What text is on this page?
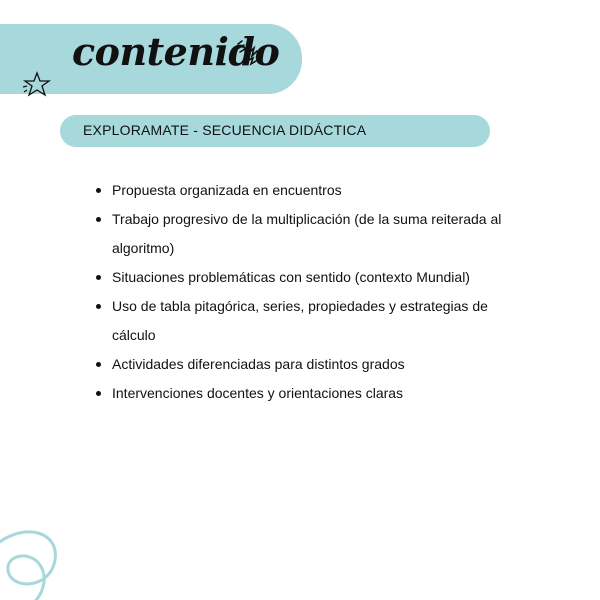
contenido
EXPLORAMATE - SECUENCIA DIDÁCTICA
Propuesta organizada en encuentros
Trabajo progresivo de la multiplicación (de la suma reiterada al algoritmo)
Situaciones problemáticas con sentido (contexto Mundial)
Uso de tabla pitagórica, series, propiedades y estrategias de cálculo
Actividades diferenciadas para distintos grados
Intervenciones docentes y orientaciones claras
